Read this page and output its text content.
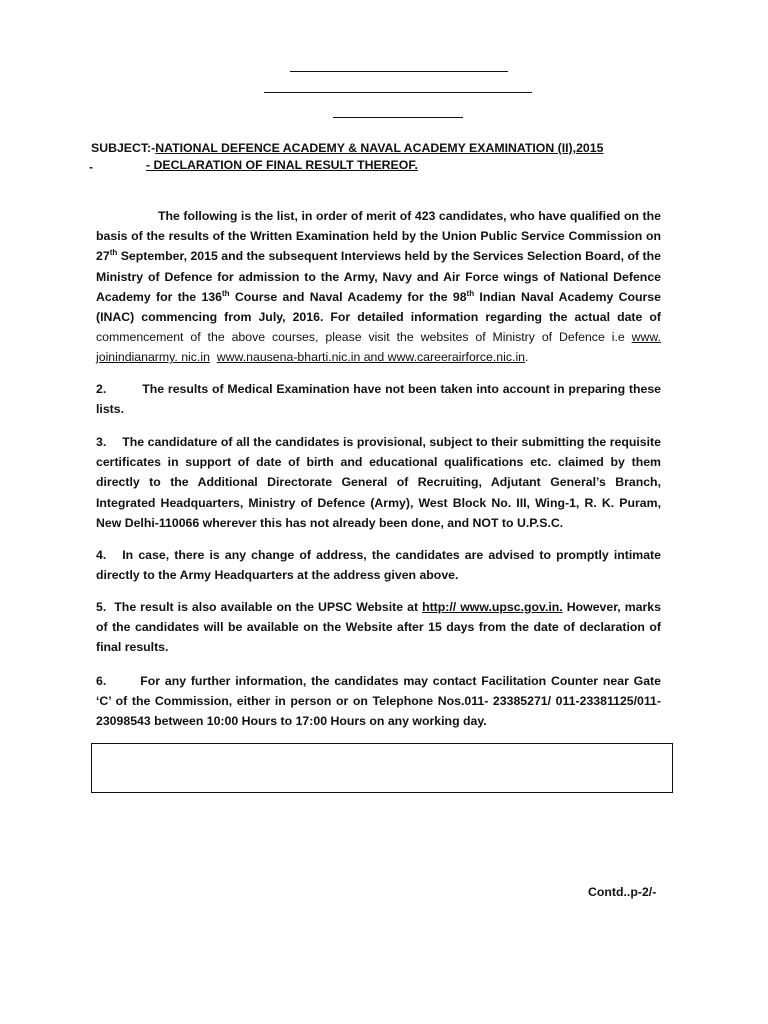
SUBJECT:-NATIONAL DEFENCE ACADEMY & NAVAL ACADEMY EXAMINATION (II),2015
- DECLARATION OF FINAL RESULT THEREOF.
-
The following is the list, in order of merit of 423 candidates, who have qualified on the basis of the results of the Written Examination held by the Union Public Service Commission on 27th September, 2015 and the subsequent Interviews held by the Services Selection Board, of the Ministry of Defence for admission to the Army, Navy and Air Force wings of National Defence Academy for the 136th Course and Naval Academy for the 98th Indian Naval Academy Course (INAC) commencing from July, 2016. For detailed information regarding the actual date of commencement of the above courses, please visit the websites of Ministry of Defence i.e www. joinindianarmy. nic.in www.nausena-bharti.nic.in and www.careerairforce.nic.in.
2.	The results of Medical Examination have not been taken into account in preparing these lists.
3. The candidature of all the candidates is provisional, subject to their submitting the requisite certificates in support of date of birth and educational qualifications etc. claimed by them directly to the Additional Directorate General of Recruiting, Adjutant General’s Branch, Integrated Headquarters, Ministry of Defence (Army), West Block No. III, Wing-1, R. K. Puram, New Delhi-110066 wherever this has not already been done, and NOT to U.P.S.C.
4. In case, there is any change of address, the candidates are advised to promptly intimate directly to the Army Headquarters at the address given above.
5. The result is also available on the UPSC Website at http:// www.upsc.gov.in. However, marks of the candidates will be available on the Website after 15 days from the date of declaration of final results.
6.	For any further information, the candidates may contact Facilitation Counter near Gate ‘C’ of the Commission, either in person or on Telephone Nos.011- 23385271/ 011-23381125/011-23098543 between 10:00 Hours to 17:00 Hours on any working day.
Contd..p-2/-
